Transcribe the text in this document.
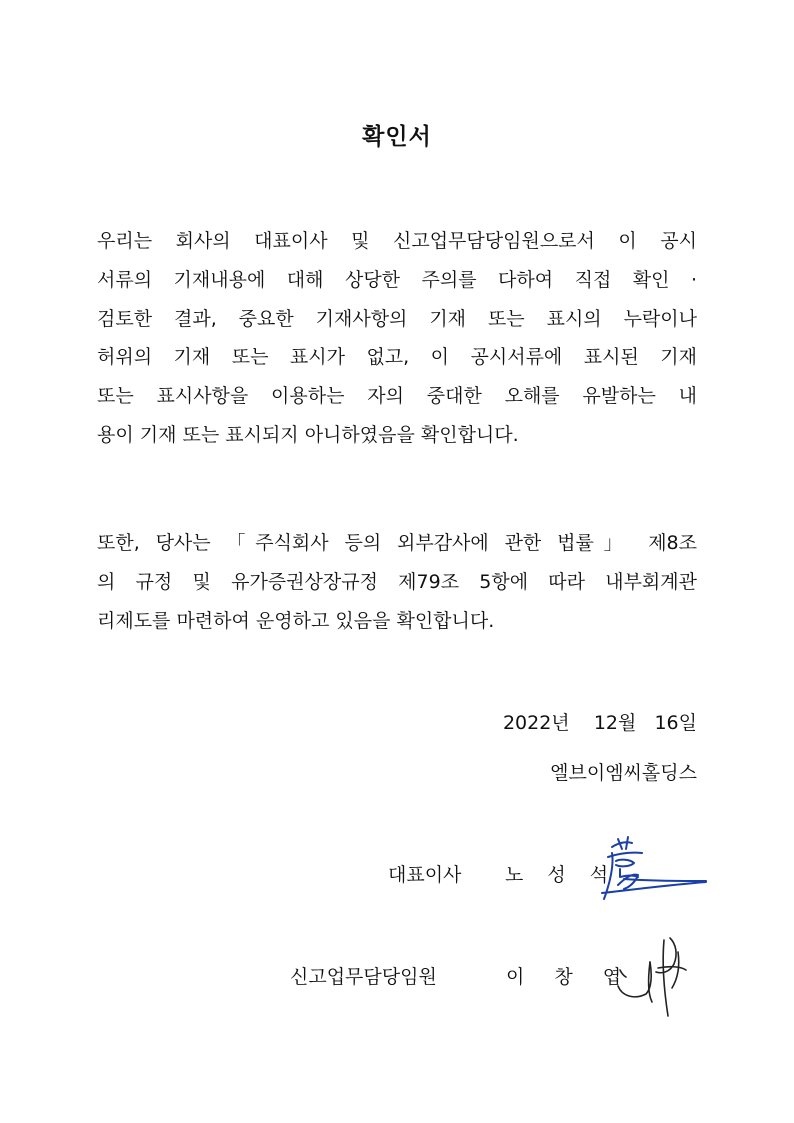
확인서
우리는 회사의 대표이사 및 신고업무담당임원으로서 이 공시
서류의 기재내용에 대해 상당한 주의를 다하여 직접 확인 ·
검토한 결과, 중요한 기재사항의 기재 또는 표시의 누락이나
허위의 기재 또는 표시가 없고, 이 공시서류에 표시된 기재
또는 표시사항을 이용하는 자의 중대한 오해를 유발하는 내
용이 기재 또는 표시되지 아니하였음을 확인합니다.
또한, 당사는 「주식회사 등의 외부감사에 관한 법률」 제8조
의 규정 및 유가증권상장규정 제79조 5항에 따라 내부회계관
리제도를 마련하여 운영하고 있음을 확인합니다.
2022년    12월   16일
엘브이엠씨홀딩스
대표이사 노 성 석
신고업무담당임원	이 창 엽
